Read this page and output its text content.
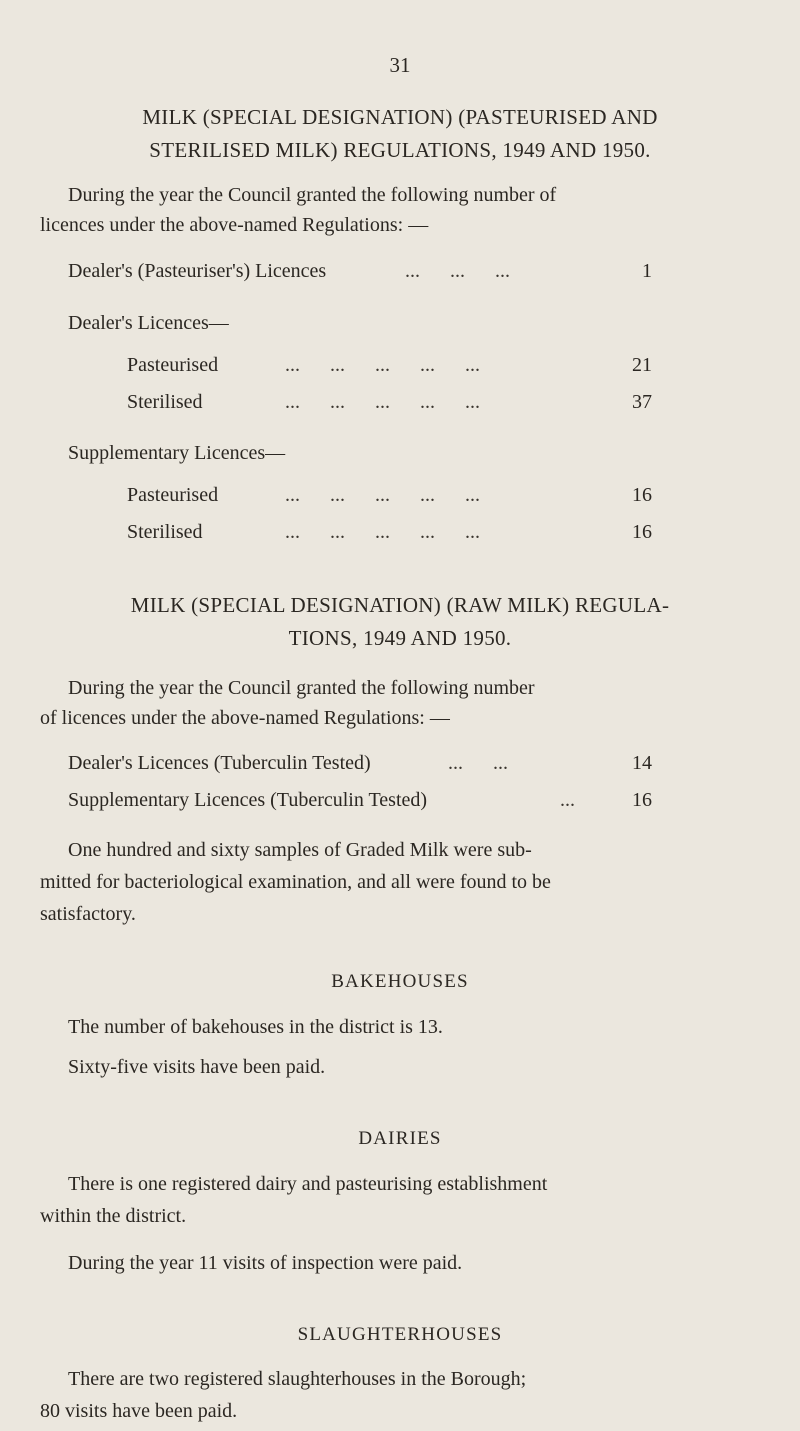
31
MILK (SPECIAL DESIGNATION) (PASTEURISED AND
STERILISED MILK) REGULATIONS, 1949 AND 1950.
During the year the Council granted the following number of
licences under the above-named Regulations: —
Dealer's (Pasteuriser's) Licences	...      ...      ...	1
Dealer's Licences—
Pasteurised	...      ...      ...      ...      ...	21
Sterilised	...      ...      ...      ...      ...	37
Supplementary Licences—
Pasteurised	...      ...      ...      ...      ...	16
Sterilised	...      ...      ...      ...      ...	16
MILK (SPECIAL DESIGNATION) (RAW MILK) REGULA-
TIONS, 1949 AND 1950.
During the year the Council granted the following number
of licences under the above-named Regulations: —
Dealer's Licences (Tuberculin Tested)	...      ...	14
Supplementary Licences (Tuberculin Tested)	...	16
One hundred and sixty samples of Graded Milk were sub-
mitted for bacteriological examination, and all were found to be
satisfactory.
BAKEHOUSES
The number of bakehouses in the district is 13.
Sixty-five visits have been paid.
DAIRIES
There is one registered dairy and pasteurising establishment
within the district.
During the year 11 visits of inspection were paid.
SLAUGHTERHOUSES
There are two registered slaughterhouses in the Borough;
80 visits have been paid.
